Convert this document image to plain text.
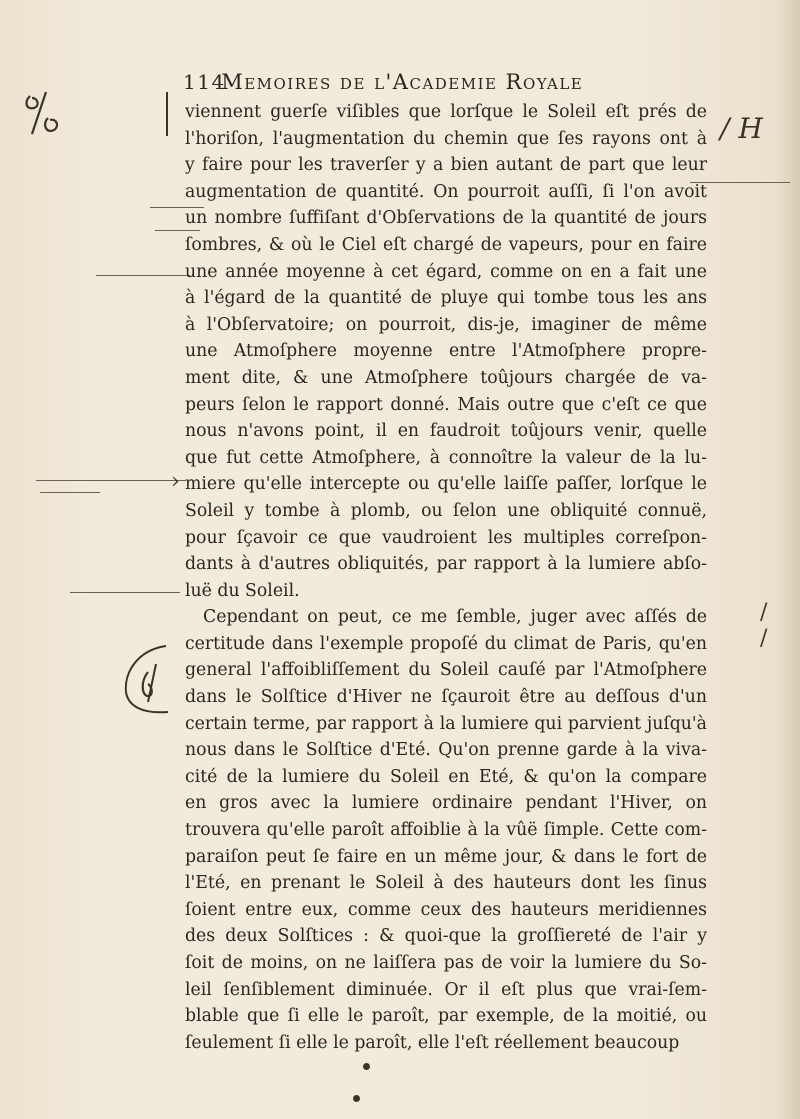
114 Memoires de l'Academie Royale
/ H
›
/
/
viennent guerſe viſibles que lorſque le Soleil eſt prés de
l'horiſon, l'augmentation du chemin que ſes rayons ont à
y faire pour les traverſer y a bien autant de part que leur
augmentation de quantité. On pourroit auſſi, ſi l'on avoit
un nombre ſuffiſant d'Obſervations de la quantité de jours
ſombres, & où le Ciel eſt chargé de vapeurs, pour en faire
une année moyenne à cet égard, comme on en a fait une
à l'égard de la quantité de pluye qui tombe tous les ans
à l'Obſervatoire; on pourroit, dis-je, imaginer de même
une Atmoſphere moyenne entre l'Atmoſphere propre-
ment dite, & une Atmoſphere toûjours chargée de va-
peurs ſelon le rapport donné. Mais outre que c'eſt ce que
nous n'avons point, il en faudroit toûjours venir, quelle
que fut cette Atmoſphere, à connoître la valeur de la lu-
miere qu'elle intercepte ou qu'elle laiſſe paſſer, lorſque le
Soleil y tombe à plomb, ou ſelon une obliquité connuë,
pour ſçavoir ce que vaudroient les multiples correſpon-
dants à d'autres obliquités, par rapport à la lumiere abſo-
luë du Soleil.
Cependant on peut, ce me ſemble, juger avec aſſés de
certitude dans l'exemple propoſé du climat de Paris, qu'en
general l'affoibliſſement du Soleil cauſé par l'Atmoſphere
dans le Solſtice d'Hiver ne ſçauroit être au deſſous d'un
certain terme, par rapport à la lumiere qui parvient juſqu'à
nous dans le Solſtice d'Eté. Qu'on prenne garde à la viva-
cité de la lumiere du Soleil en Eté, & qu'on la compare
en gros avec la lumiere ordinaire pendant l'Hiver, on
trouvera qu'elle paroît affoiblie à la vûë ſimple. Cette com-
paraiſon peut ſe faire en un même jour, & dans le fort de
l'Eté, en prenant le Soleil à des hauteurs dont les ſinus
ſoient entre eux, comme ceux des hauteurs meridiennes
des deux Solſtices : & quoi-que la groſſiereté de l'air y
ſoit de moins, on ne laiſſera pas de voir la lumiere du So-
leil ſenſiblement diminuée. Or il eſt plus que vrai-ſem-
blable que ſi elle le paroît, par exemple, de la moitié, ou
ſeulement ſi elle le paroît, elle l'eſt réellement beaucoup
